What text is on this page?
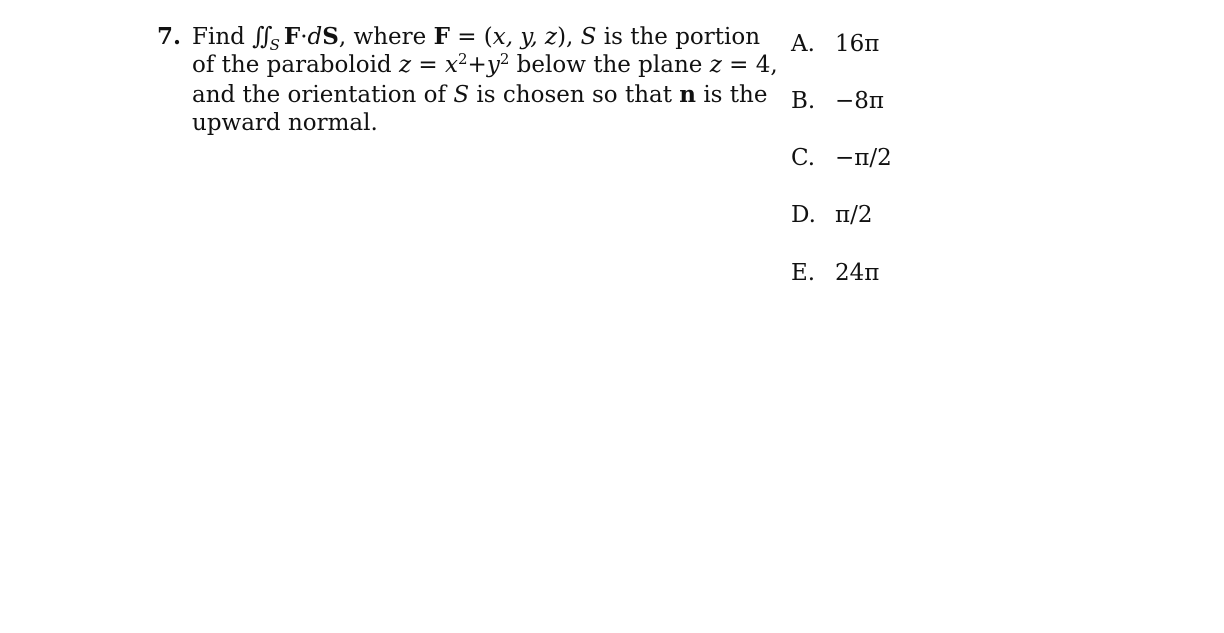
7. Find $∬_S$ F·dS, where F = (x, y, z), S is the portion
of the paraboloid $z = x^2+y^2$ below the plane z = 4,
and the orientation of S is chosen so that n is the
upward normal.
A. 16π
B. −8π
C. −π/2
D. π/2
E. 24π
